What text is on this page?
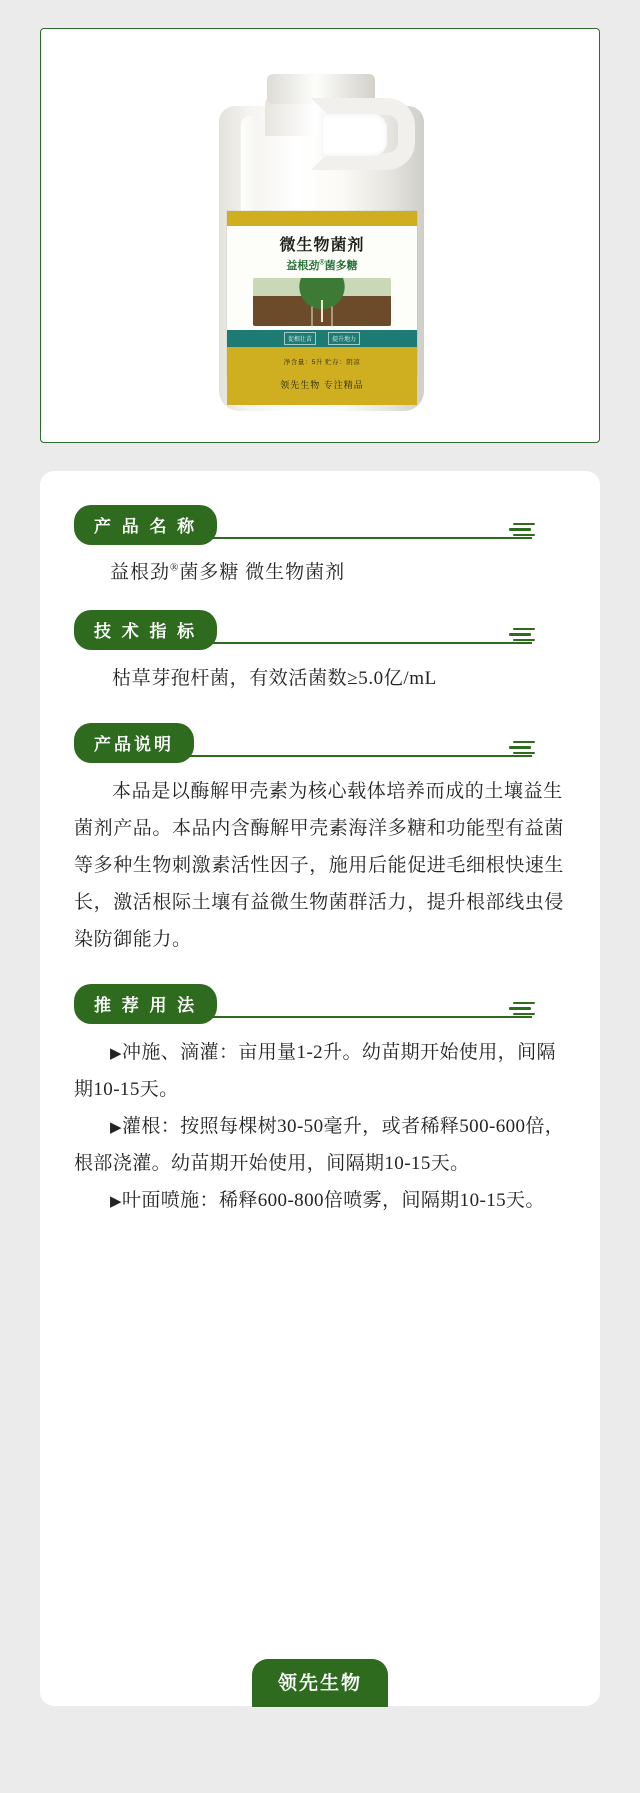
微生物菌剂
益根劲®菌多糖
促根壮苗	提升地力
净含量：5升 贮存：阴凉
领先生物 专注精品
产 品 名 称
益根劲®菌多糖 微生物菌剂
技 术 指 标
枯草芽孢杆菌，有效活菌数≥5.0亿/mL
产品说明
本品是以酶解甲壳素为核心载体培养而成的土壤益生菌剂产品。本品内含酶解甲壳素海洋多糖和功能型有益菌等多种生物刺激素活性因子，施用后能促进毛细根快速生长，激活根际土壤有益微生物菌群活力，提升根部线虫侵染防御能力。
推 荐 用 法
▶冲施、滴灌：亩用量1-2升。幼苗期开始使用，间隔期10-15天。
▶灌根：按照每棵树30-50毫升，或者稀释500-600倍，根部浇灌。幼苗期开始使用，间隔期10-15天。
▶叶面喷施：稀释600-800倍喷雾，间隔期10-15天。
领先生物
